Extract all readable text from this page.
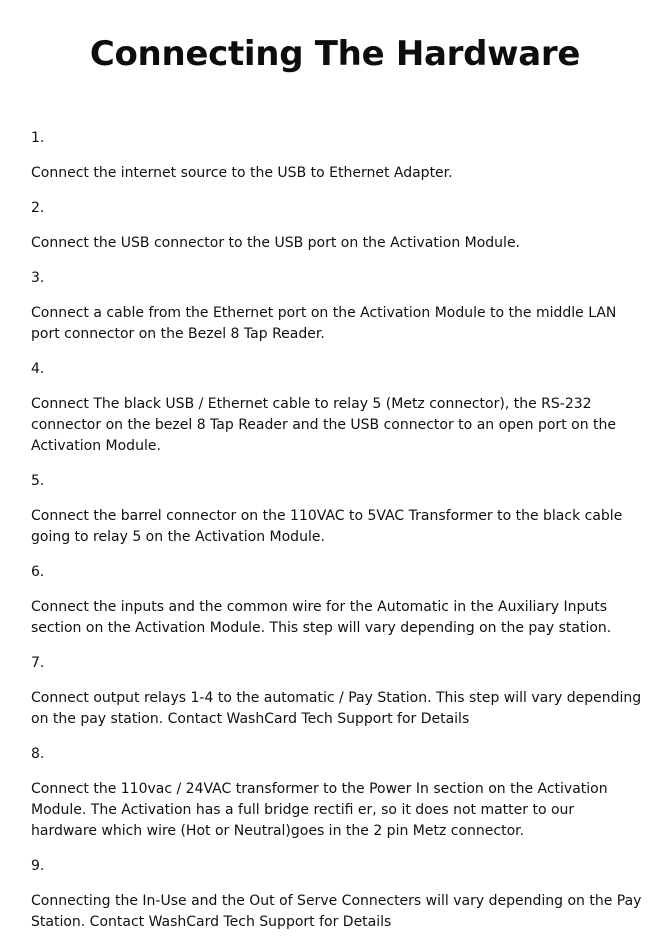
Connecting The Hardware
1.

Connect the internet source to the USB to Ethernet Adapter.

2.

Connect the USB connector to the USB port on the Activation Module.

3.

Connect a cable from the Ethernet port on the Activation Module to the middle LAN port connector on the Bezel 8 Tap Reader.

4.

Connect The black USB / Ethernet cable to relay 5 (Metz connector), the RS-232 connector on the bezel 8 Tap Reader and the USB connector to an open port on the Activation Module.

5.

Connect the barrel connector on the 110VAC to 5VAC Transformer to the black cable going to relay 5 on the Activation Module.

6.

Connect the inputs and the common wire for the Automatic in the Auxiliary Inputs section on the Activation Module. This step will vary depending on the pay station.

7.

Connect output relays 1-4 to the automatic / Pay Station. This step will vary depending on the pay station. Contact WashCard Tech Support for Details

8.

Connect the 110vac / 24VAC transformer to the Power In section on the Activation Module. The Activation has a full bridge rectifi er, so it does not matter to our hardware which wire (Hot or Neutral)goes in the 2 pin Metz connector.

9.

Connecting the In-Use and the Out of Serve Connecters will vary depending on the Pay Station. Contact WashCard Tech Support for Details
